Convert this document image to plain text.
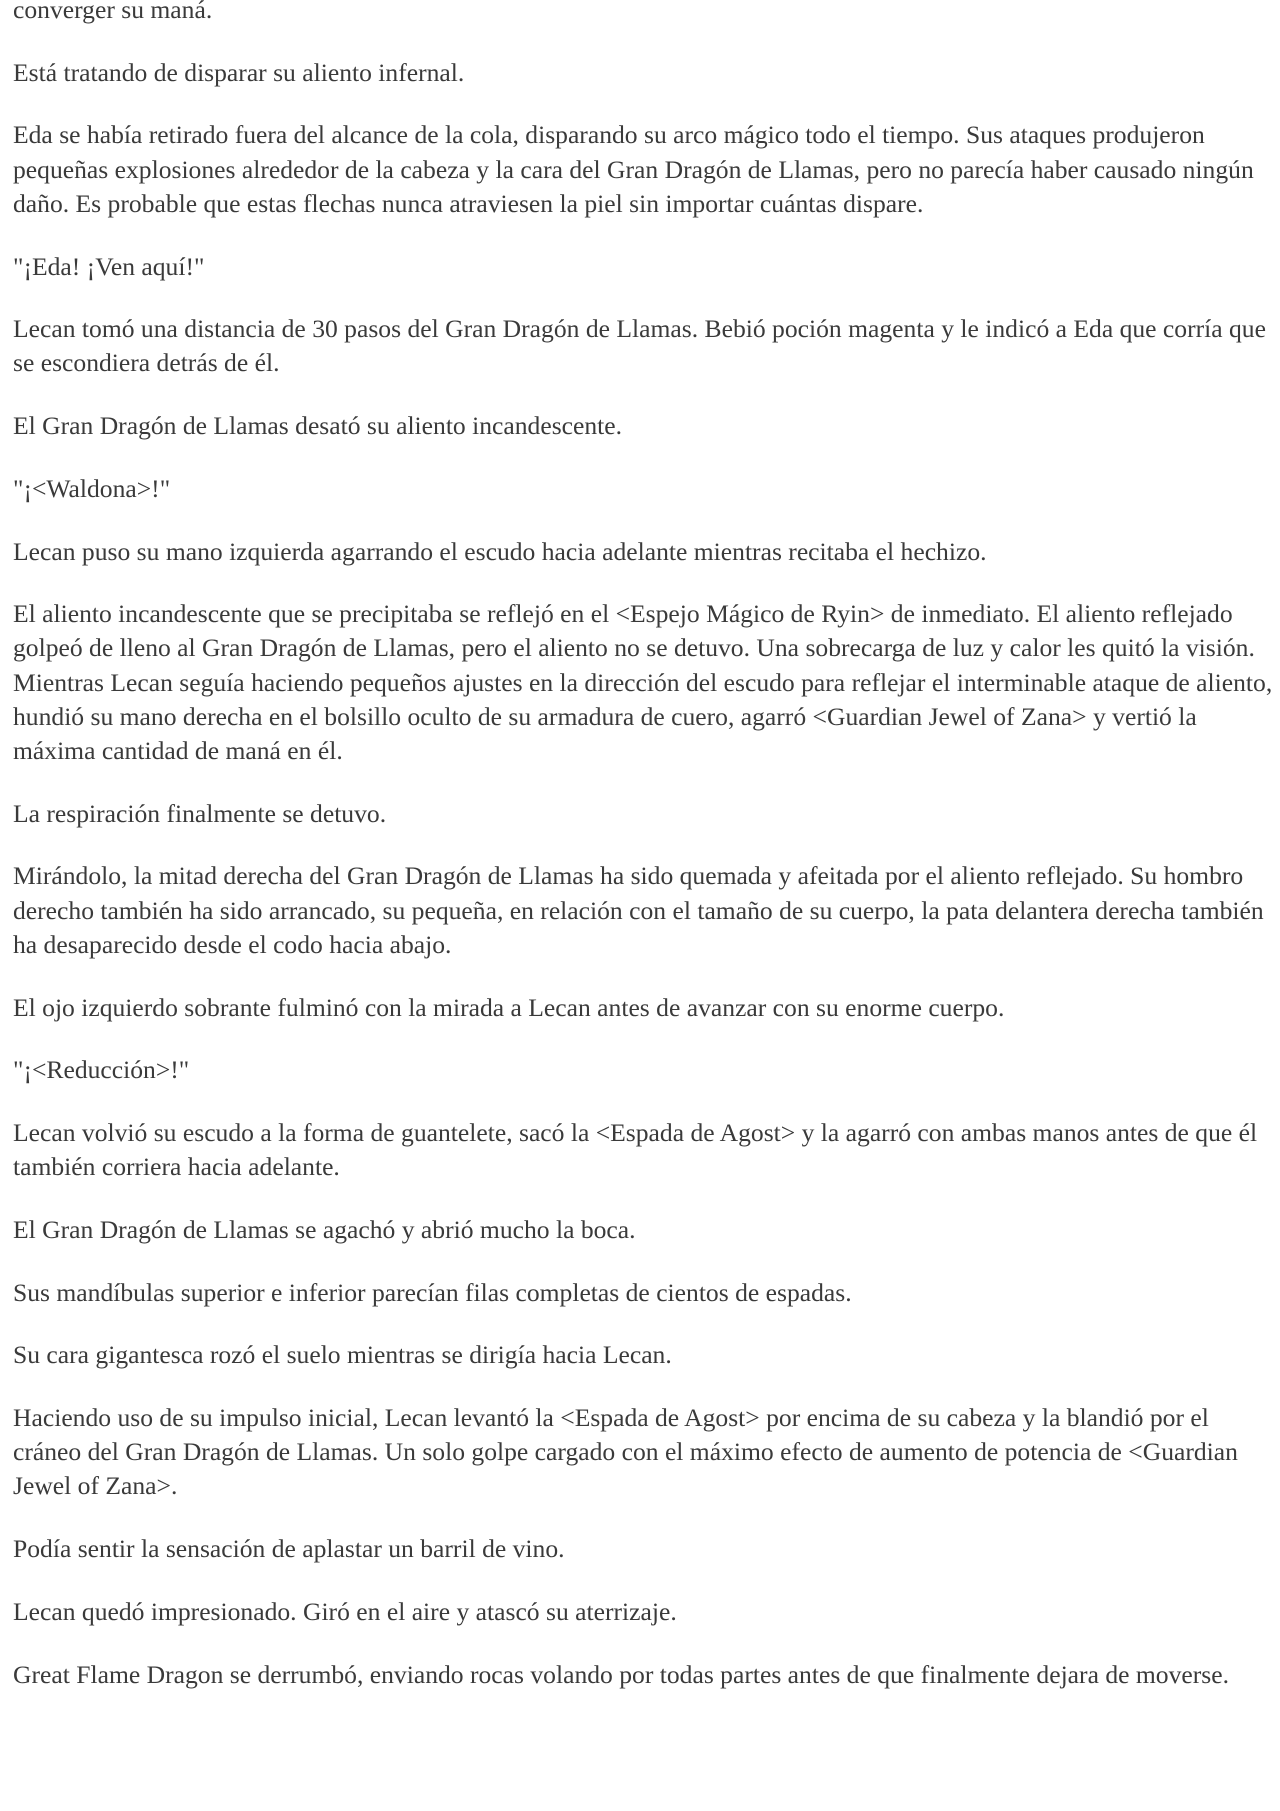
converger su maná.

Está tratando de disparar su aliento infernal.

Eda se había retirado fuera del alcance de la cola, disparando su arco mágico todo el tiempo. Sus ataques produjeron pequeñas explosiones alrededor de la cabeza y la cara del Gran Dragón de Llamas, pero no parecía haber causado ningún daño. Es probable que estas flechas nunca atraviesen la piel sin importar cuántas dispare.

"¡Eda! ¡Ven aquí!"

Lecan tomó una distancia de 30 pasos del Gran Dragón de Llamas. Bebió poción magenta y le indicó a Eda que corría que se escondiera detrás de él.

El Gran Dragón de Llamas desató su aliento incandescente.

"¡<Waldona>!"

Lecan puso su mano izquierda agarrando el escudo hacia adelante mientras recitaba el hechizo.

El aliento incandescente que se precipitaba se reflejó en el <Espejo Mágico de Ryin> de inmediato. El aliento reflejado golpeó de lleno al Gran Dragón de Llamas, pero el aliento no se detuvo. Una sobrecarga de luz y calor les quitó la visión. Mientras Lecan seguía haciendo pequeños ajustes en la dirección del escudo para reflejar el interminable ataque de aliento, hundió su mano derecha en el bolsillo oculto de su armadura de cuero, agarró <Guardian Jewel of Zana> y vertió la máxima cantidad de maná en él.

La respiración finalmente se detuvo.

Mirándolo, la mitad derecha del Gran Dragón de Llamas ha sido quemada y afeitada por el aliento reflejado. Su hombro derecho también ha sido arrancado, su pequeña, en relación con el tamaño de su cuerpo, la pata delantera derecha también ha desaparecido desde el codo hacia abajo.

El ojo izquierdo sobrante fulminó con la mirada a Lecan antes de avanzar con su enorme cuerpo.

"¡<Reducción>!"

Lecan volvió su escudo a la forma de guantelete, sacó la <Espada de Agost> y la agarró con ambas manos antes de que él también corriera hacia adelante.

El Gran Dragón de Llamas se agachó y abrió mucho la boca.

Sus mandíbulas superior e inferior parecían filas completas de cientos de espadas.

Su cara gigantesca rozó el suelo mientras se dirigía hacia Lecan.

Haciendo uso de su impulso inicial, Lecan levantó la <Espada de Agost> por encima de su cabeza y la blandió por el cráneo del Gran Dragón de Llamas. Un solo golpe cargado con el máximo efecto de aumento de potencia de <Guardian Jewel of Zana>.

Podía sentir la sensación de aplastar un barril de vino.

Lecan quedó impresionado. Giró en el aire y atascó su aterrizaje.

Great Flame Dragon se derrumbó, enviando rocas volando por todas partes antes de que finalmente dejara de moverse.
